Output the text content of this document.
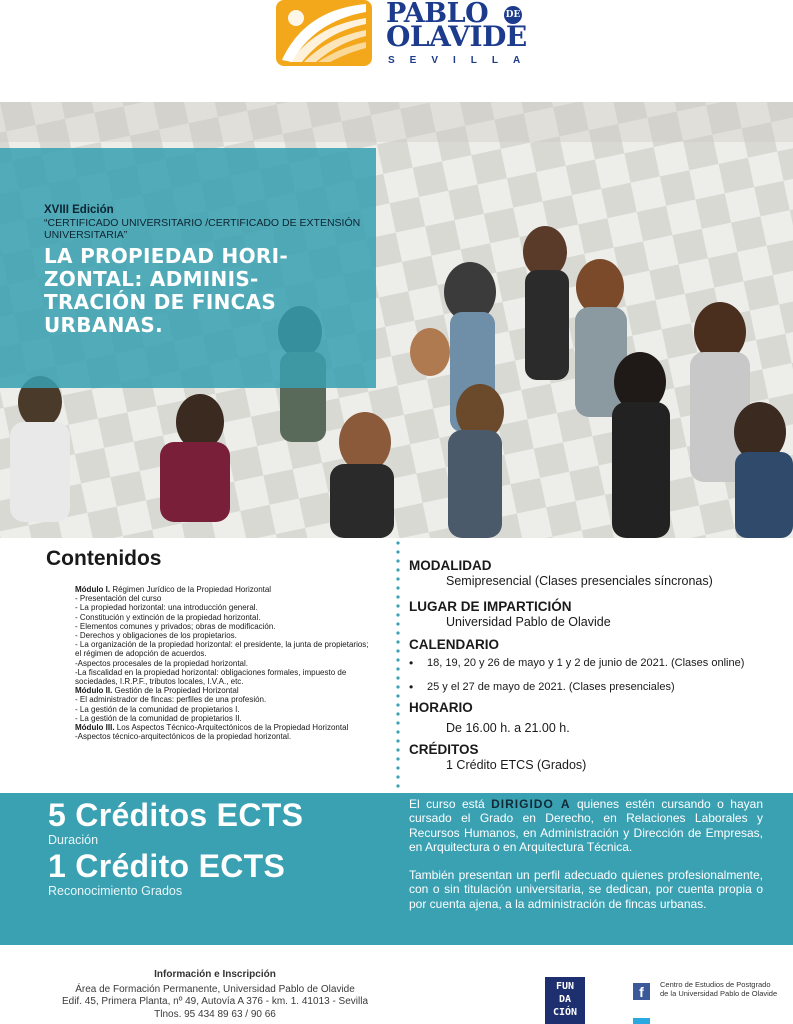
PABLO DE
OLAVIDE
SEVILLA
XVIII Edición
“CERTIFICADO UNIVERSITARIO /CERTIFICADO DE EXTENSIÓN UNIVERSITARIA”
LA PROPIEDAD HORI-
ZONTAL: ADMINIS-
TRACIÓN DE FINCAS
URBANAS.
Contenidos
Módulo I. Régimen Jurídico de la Propiedad Horizontal
- Presentación del curso
- La propiedad horizontal: una introducción general.
- Constitución y extinción de la propiedad horizontal.
- Elementos comunes y privados; obras de modificación.
- Derechos y obligaciones de los propietarios.
- La organización de la propiedad horizontal: el presidente, la junta de propietarios; el régimen de adopción de acuerdos.
-Aspectos procesales de la propiedad horizontal.
-La fiscalidad en la propiedad horizontal: obligaciones formales, impuesto de sociedades, I.R.P.F., tributos locales, I.V.A., etc.
Módulo II. Gestión de la Propiedad Horizontal
- El administrador de fincas: perfiles de una profesión.
- La gestión de la comunidad de propietarios I.
- La gestión de la comunidad de propietarios II.
Módulo III. Los Aspectos Técnico-Arquitectónicos de la Propiedad Horizontal
-Aspectos técnico-arquitectónicos de la propiedad horizontal.
MODALIDAD
Semipresencial (Clases presenciales síncronas)
LUGAR DE IMPARTICIÓN
Universidad Pablo de Olavide
CALENDARIO
• 18, 19, 20 y 26 de mayo y 1 y 2 de junio de 2021. (Clases online)
• 25 y el 27 de mayo de 2021. (Clases presenciales)
HORARIO
De 16.00 h. a 21.00 h.
CRÉDITOS
1 Crédito ETCS (Grados)
5 Créditos ECTS
Duración
1 Crédito ECTS
Reconocimiento Grados

El curso está DIRIGIDO A quienes estén cursando o hayan cursado el Grado en Derecho, en Relaciones Laborales y Recursos Humanos, en Administración y Dirección de Empresas, en Arquitectura o en Arquitectura Técnica.

También presentan un perfil adecuado quienes profesionalmente, con o sin titulación universitaria, se dedican, por cuenta propia o por cuenta ajena, a la administración de fincas urbanas.

Información e Inscripción
Área de Formación Permanente, Universidad Pablo de Olavide
Edif. 45, Primera Planta, nº 49, Autovía A 376 - km. 1. 41013 - Sevilla
Tlnos. 95 434 89 63 / 90 66
FUN
DA
CIÓN
f	Centro de Estudios de Postgrado de la Universidad Pablo de Olavide
